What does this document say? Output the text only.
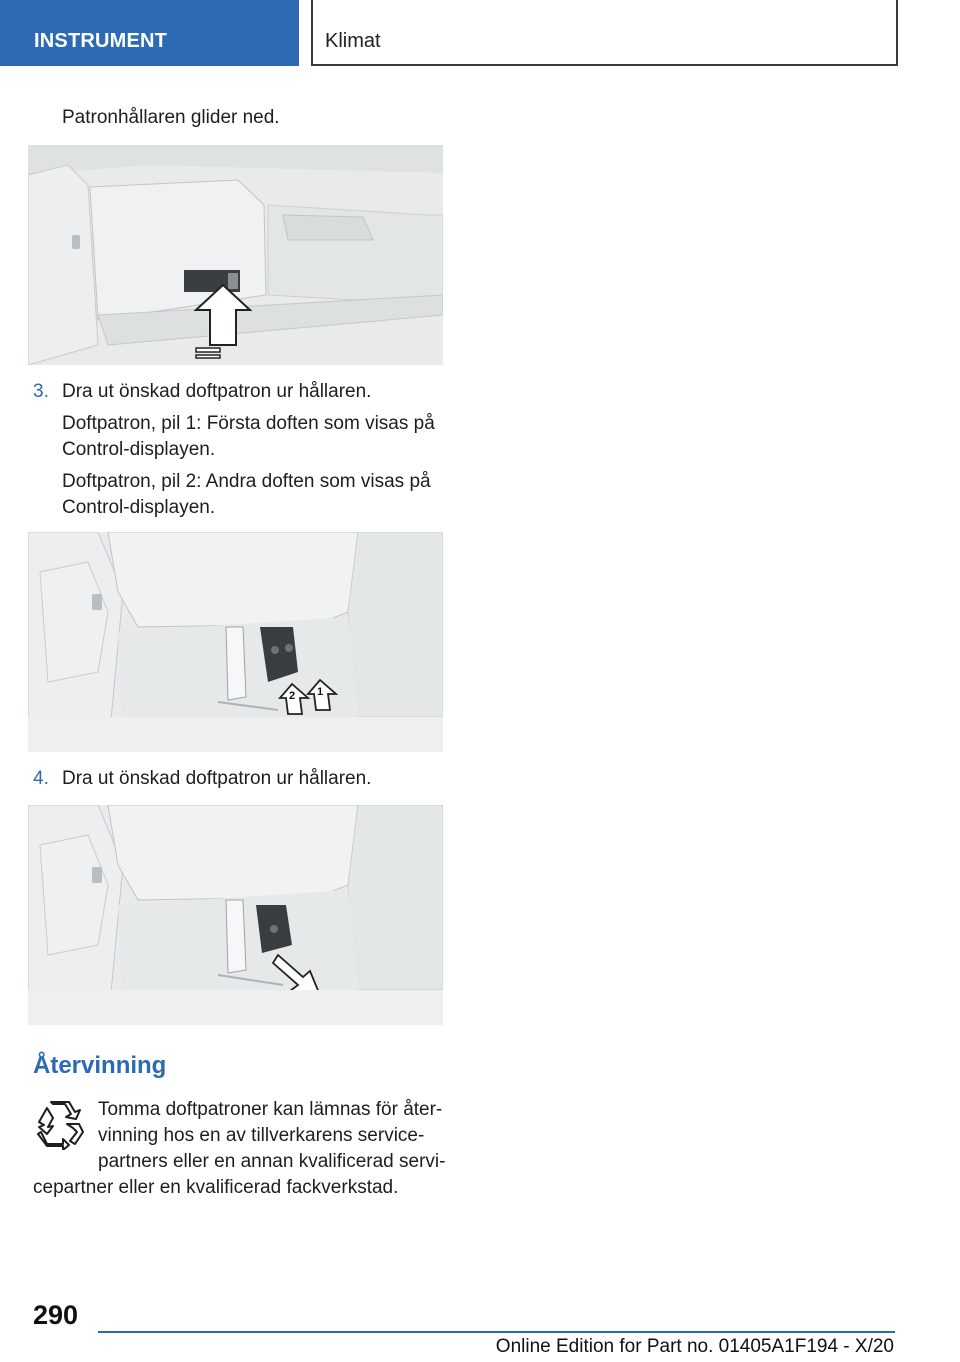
INSTRUMENT	Klimat
Patronhållaren glider ned.
3. Dra ut önskad doftpatron ur hållaren.
Doftpatron, pil 1: Första doften som visas på
Control-displayen.
Doftpatron, pil 2: Andra doften som visas på
Control-displayen.
1
2
4. Dra ut önskad doftpatron ur hållaren.
Återvinning
Tomma doftpatroner kan lämnas för åter-
vinning hos en av tillverkarens service-
partners eller en annan kvalificerad servi-
cepartner eller en kvalificerad fackverkstad.
290
Online Edition for Part no. 01405A1F194 - X/20
